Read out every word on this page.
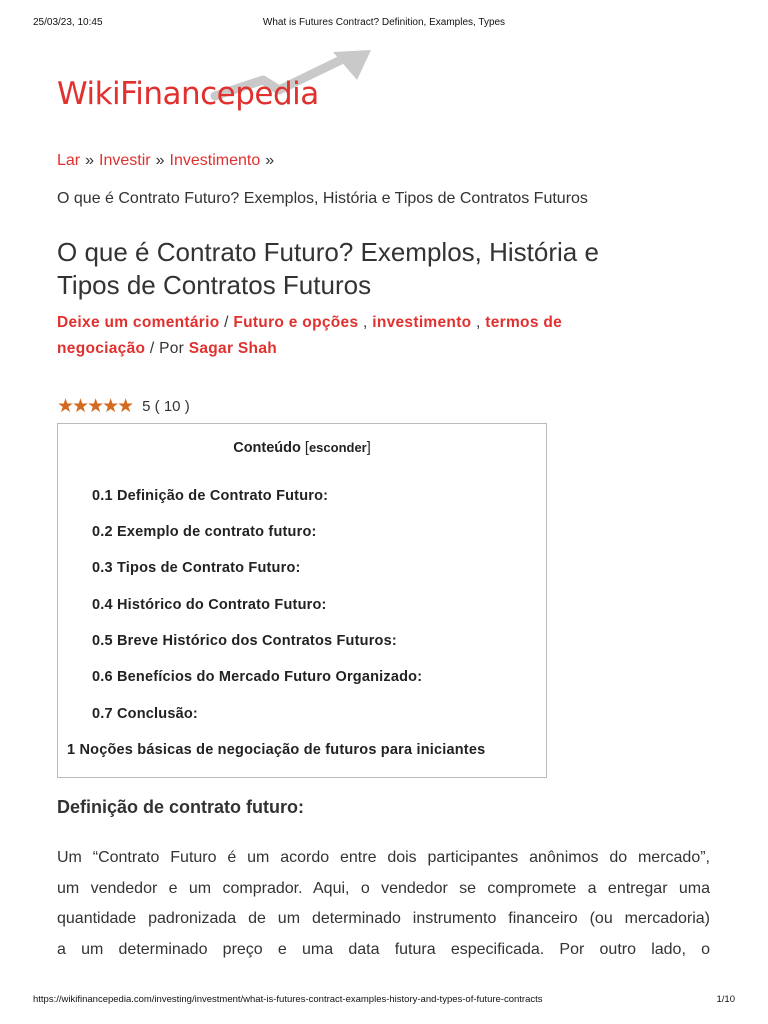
25/03/23, 10:45	What is Futures Contract? Definition, Examples, Types
WikiFinancepedia
Lar » Investir » Investimento »
O que é Contrato Futuro? Exemplos, História e Tipos de Contratos Futuros
O que é Contrato Futuro? Exemplos, História e
Tipos de Contratos Futuros
Deixe um comentário / Futuro e opções , investimento , termos de
negociação / Por Sagar Shah
★★★★★ 5 ( 10 )
Conteúdo [esconder]
0.1 Definição de Contrato Futuro:
0.2 Exemplo de contrato futuro:
0.3 Tipos de Contrato Futuro:
0.4 Histórico do Contrato Futuro:
0.5 Breve Histórico dos Contratos Futuros:
0.6 Benefícios do Mercado Futuro Organizado:
0.7 Conclusão:
1 Noções básicas de negociação de futuros para iniciantes
Definição de contrato futuro:
Um “Contrato Futuro é um acordo entre dois participantes anônimos do mercado”,
um vendedor e um comprador. Aqui, o vendedor se compromete a entregar uma
quantidade padronizada de um determinado instrumento financeiro (ou mercadoria)
a um determinado preço e uma data futura especificada. Por outro lado, o
https://wikifinancepedia.com/investing/investment/what-is-futures-contract-examples-history-and-types-of-future-contracts	1/10
